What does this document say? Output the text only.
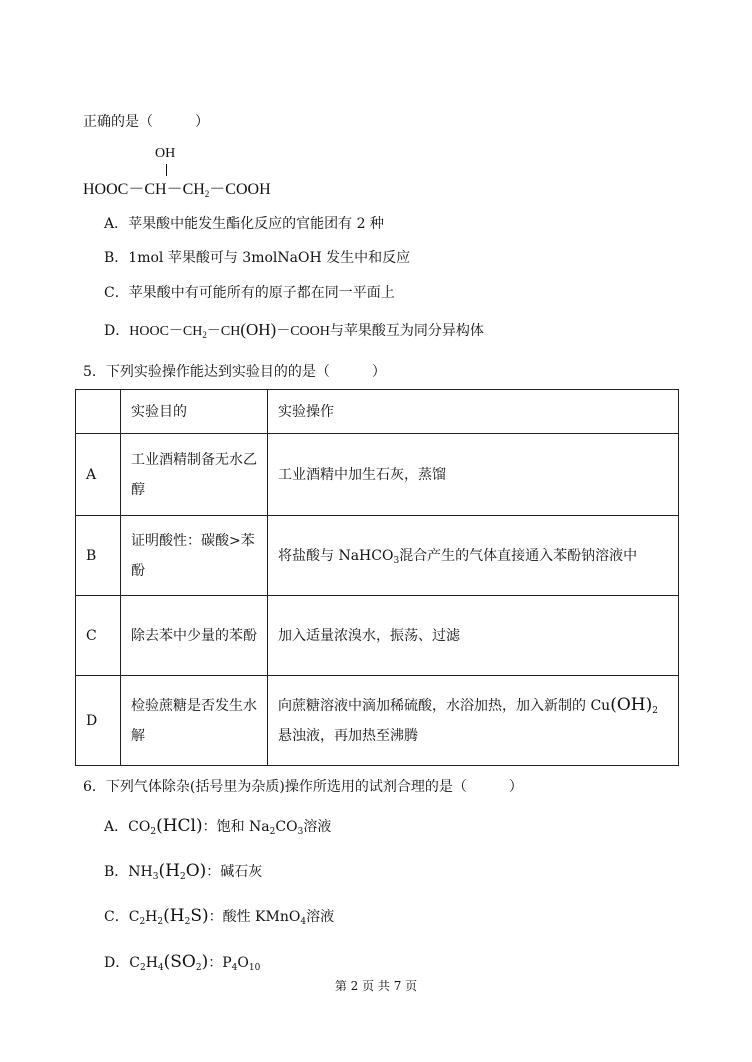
正确的是（　　　）
OH
$HOOC-CH-CH_2-COOH$
A．苹果酸中能发生酯化反应的官能团有 2 种
B．1mol 苹果酸可与 3molNaOH 发生中和反应
C．苹果酸中有可能所有的原子都在同一平面上
D．$HOOC-CH_2-CH(OH)-COOH$与苹果酸互为同分异构体
5．下列实验操作能达到实验目的的是（　　　）
	实验目的	实验操作
A	工业酒精制备无水乙醇	工业酒精中加生石灰，蒸馏
B	证明酸性：碳酸>苯酚	将盐酸与 NaHCO$_3$混合产生的气体直接通入苯酚钠溶液中
C	除去苯中少量的苯酚	加入适量浓溴水，振荡、过滤
D	检验蔗糖是否发生水解	向蔗糖溶液中滴加稀硫酸，水浴加热，加入新制的 $Cu(OH)_2$悬浊液，再加热至沸腾
6．下列气体除杂(括号里为杂质)操作所选用的试剂合理的是（　　　）
A．$CO_2(HCl)$：饱和 $Na_2CO_3$溶液
B．$NH_3(H_2O)$：碱石灰
C．$C_2H_2(H_2S)$：酸性 KMnO$_4$溶液
D．$C_2H_4(SO_2)$：$P_4O_{10}$
第 2 页 共 7 页
